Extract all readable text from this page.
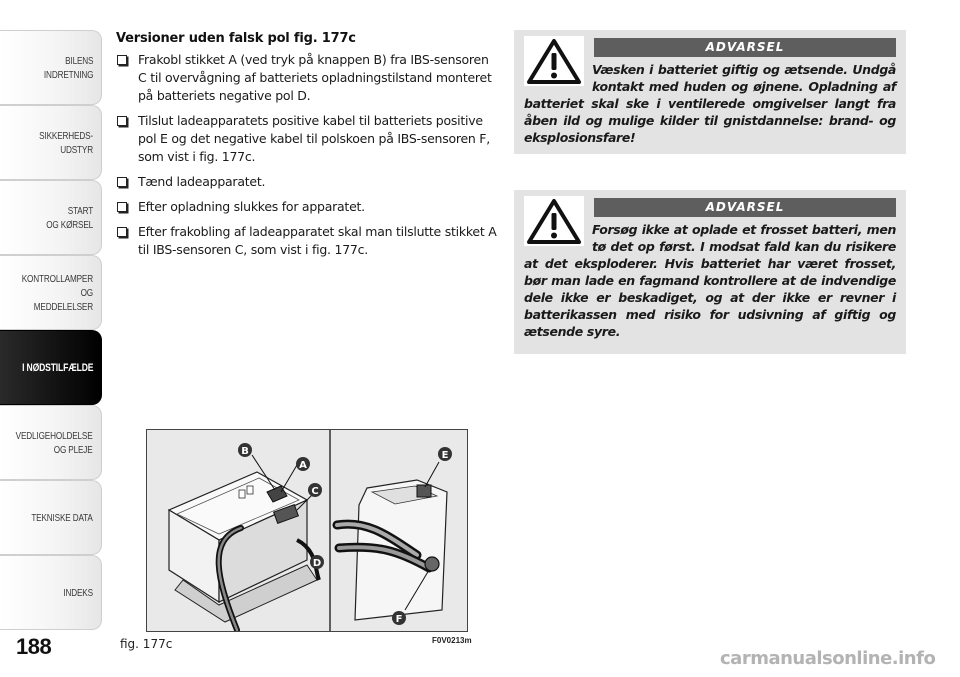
BILENS
INDRETNING
SIKKERHEDS-
UDSTYR
START
OG KØRSEL
KONTROLLAMPER
OG MEDDELELSER
I NØDSTILFÆLDE
VEDLIGEHOLDELSE
OG PLEJE
TEKNISKE DATA
INDEKS
188
Versioner uden falsk pol fig. 177c

Frakobl stikket A (ved tryk på knappen B) fra IBS-sensoren C til overvågning af batteriets opladningstilstand monteret på batteriets negative pol D.

Tilslut ladeapparatets positive kabel til batteriets positive pol E og det negative kabel til polskoen på IBS-sensoren F, som vist i fig. 177c.

Tænd ladeapparatet.

Efter opladning slukkes for apparatet.

Efter frakobling af ladeapparatet skal man tilslutte stikket A til IBS-sensoren C, som vist i fig. 177c.

ADVARSEL

Væsken i batteriet giftig og ætsende. Undgå kontakt med huden og øjnene. Opladning af batteriet skal ske i ventilerede omgivelser langt fra åben ild og mulige kilder til gnistdannelse: brand- og eksplosionsfare!

ADVARSEL

Forsøg ikke at oplade et frosset batteri, men tø det op først. I modsat fald kan du risikere at det eksploderer. Hvis batteriet har været frosset, bør man lade en fagmand kontrollere at de indvendige dele ikke er beskadiget, og at der ikke er revner i batterikassen med risiko for udsivning af giftig og ætsende syre.

B
A
C
D
E
F
fig. 177c	F0V0213m
carmanualsonline.info
